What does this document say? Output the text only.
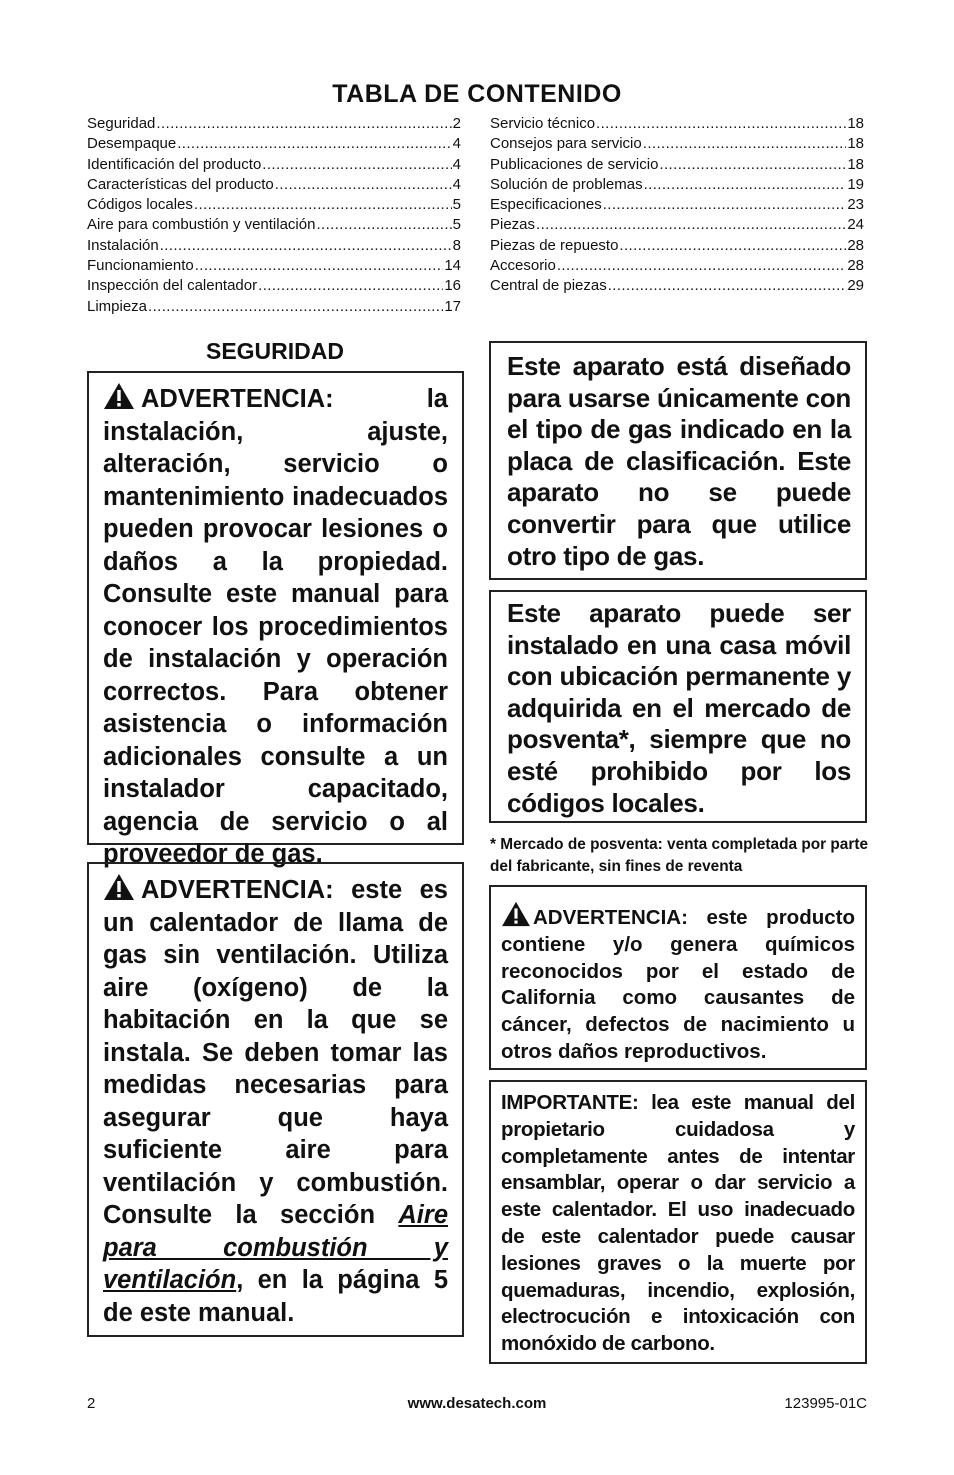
TABLA DE CONTENIDO
Seguridad .....	2
Desempaque .....	4
Identificación del producto .....	4
Características del producto .....	4
Códigos locales .....	5
Aire para combustión y ventilación .....	5
Instalación .....	8
Funcionamiento .....	14
Inspección del calentador .....	16
Limpieza .....	17
Servicio técnico .....	18
Consejos para servicio .....	18
Publicaciones de servicio .....	18
Solución de problemas .....	19
Especificaciones .....	23
Piezas .....	24
Piezas de repuesto .....	28
Accesorio .....	28
Central de piezas .....	29
SEGURIDAD
ADVERTENCIA: la instalación, ajuste, alteración, servicio o mantenimiento inadecuados pueden provocar lesiones o daños a la propiedad. Consulte este manual para conocer los procedimientos de instalación y operación correctos. Para obtener asistencia o información adicionales consulte a un instalador capacitado, agencia de servicio o al proveedor de gas.
ADVERTENCIA: este es un calentador de llama de gas sin ventilación. Utiliza aire (oxígeno) de la habitación en la que se instala. Se deben tomar las medidas necesarias para asegurar que haya suficiente aire para ventilación y combustión. Consulte la sección Aire para combustión y ventilación, en la página 5 de este manual.
Este aparato está diseñado para usarse únicamente con el tipo de gas indicado en la placa de clasificación. Este aparato no se puede convertir para que utilice otro tipo de gas.
Este aparato puede ser instalado en una casa móvil con ubicación permanente y adquirida en el mercado de posventa*, siempre que no esté prohibido por los códigos locales.
* Mercado de posventa: venta completada por parte del fabricante, sin fines de reventa
ADVERTENCIA: este producto contiene y/o genera químicos reconocidos por el estado de California como causantes de cáncer, defectos de nacimiento u otros daños reproductivos.
IMPORTANTE: lea este manual del propietario cuidadosa y completamente antes de intentar ensamblar, operar o dar servicio a este calentador. El uso inadecuado de este calentador puede causar lesiones graves o la muerte por quemaduras, incendio, explosión, electrocución e intoxicación con monóxido de carbono.
2	www.desatech.com	123995-01C
